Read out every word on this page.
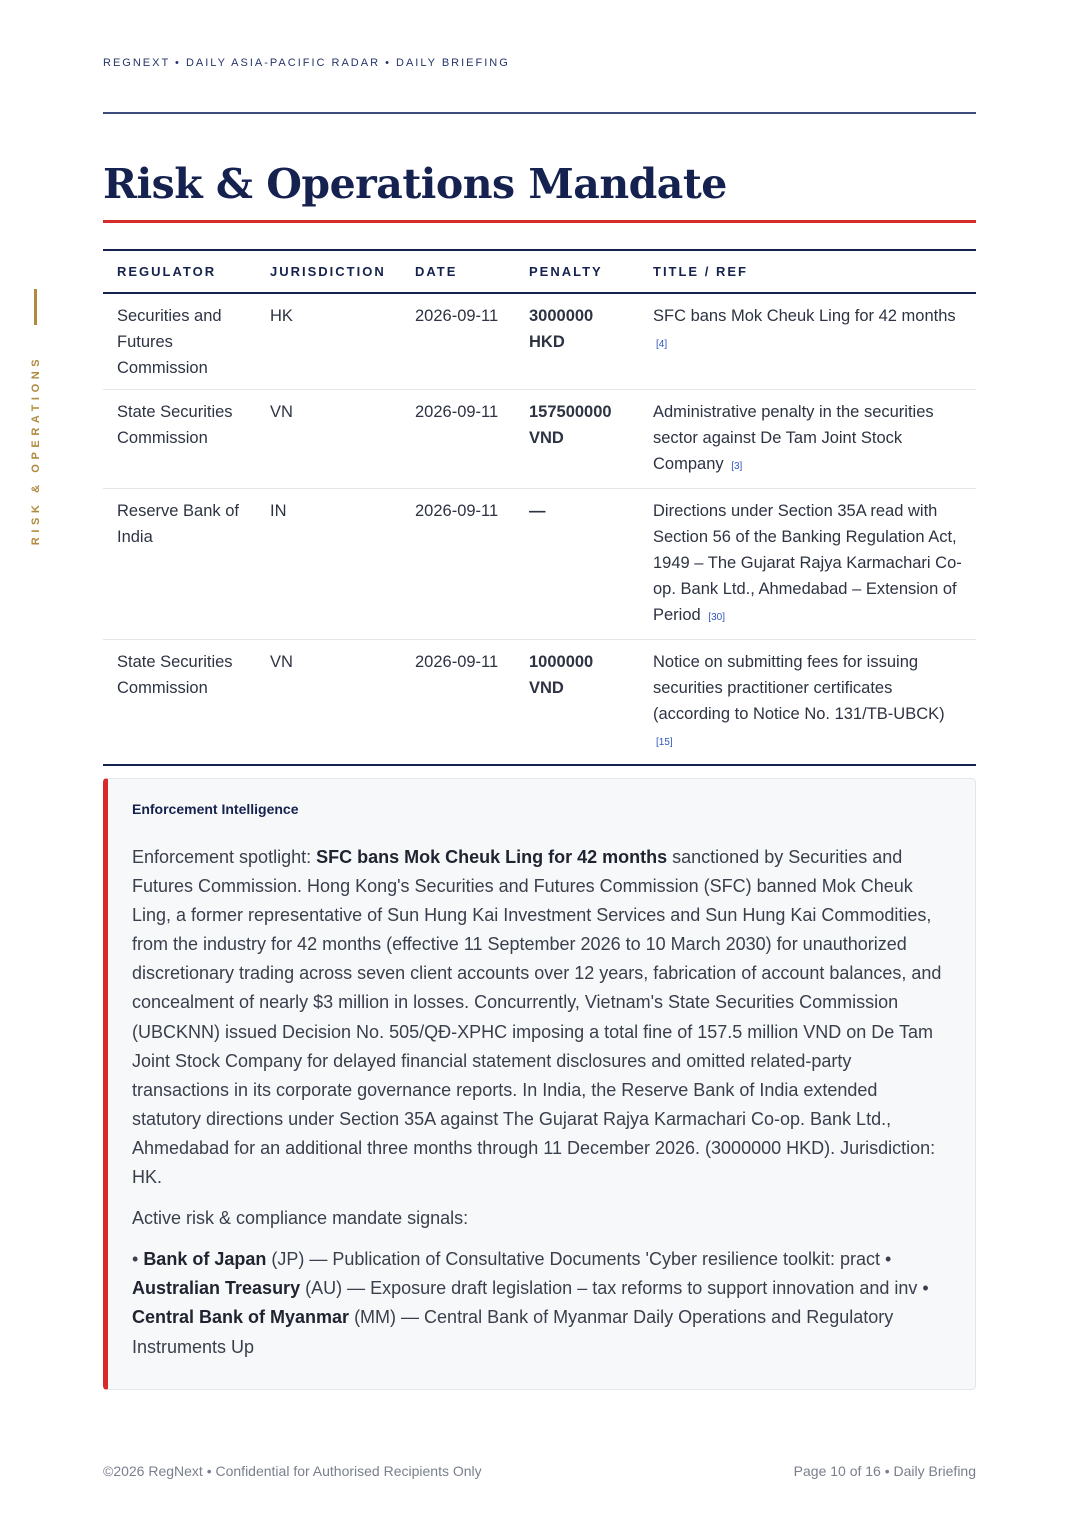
REGNEXT • DAILY ASIA-PACIFIC RADAR • DAILY BRIEFING
RISK & OPERATIONS
Risk & Operations Mandate
REGULATOR	JURISDICTION	DATE	PENALTY	TITLE / REF
Securities and Futures Commission	HK	2026-09-11	3000000 HKD	SFC bans Mok Cheuk Ling for 42 months [4]
State Securities Commission	VN	2026-09-11	157500000 VND	Administrative penalty in the securities sector against De Tam Joint Stock Company [3]
Reserve Bank of India	IN	2026-09-11	—	Directions under Section 35A read with Section 56 of the Banking Regulation Act, 1949 – The Gujarat Rajya Karmachari Co-op. Bank Ltd., Ahmedabad – Extension of Period [30]
State Securities Commission	VN	2026-09-11	1000000 VND	Notice on submitting fees for issuing securities practitioner certificates (according to Notice No. 131/TB-UBCK) [15]
Enforcement Intelligence

Enforcement spotlight: SFC bans Mok Cheuk Ling for 42 months sanctioned by Securities and Futures Commission. Hong Kong's Securities and Futures Commission (SFC) banned Mok Cheuk Ling, a former representative of Sun Hung Kai Investment Services and Sun Hung Kai Commodities, from the industry for 42 months (effective 11 September 2026 to 10 March 2030) for unauthorized discretionary trading across seven client accounts over 12 years, fabrication of account balances, and concealment of nearly $3 million in losses. Concurrently, Vietnam's State Securities Commission (UBCKNN) issued Decision No. 505/QĐ-XPHC imposing a total fine of 157.5 million VND on De Tam Joint Stock Company for delayed financial statement disclosures and omitted related-party transactions in its corporate governance reports. In India, the Reserve Bank of India extended statutory directions under Section 35A against The Gujarat Rajya Karmachari Co-op. Bank Ltd., Ahmedabad for an additional three months through 11 December 2026. (3000000 HKD). Jurisdiction: HK.

Active risk & compliance mandate signals:

• Bank of Japan (JP) — Publication of Consultative Documents 'Cyber resilience toolkit: pract • Australian Treasury (AU) — Exposure draft legislation – tax reforms to support innovation and inv • Central Bank of Myanmar (MM) — Central Bank of Myanmar Daily Operations and Regulatory Instruments Up

©2026 RegNext • Confidential for Authorised Recipients Only	Page 10 of 16 • Daily Briefing
